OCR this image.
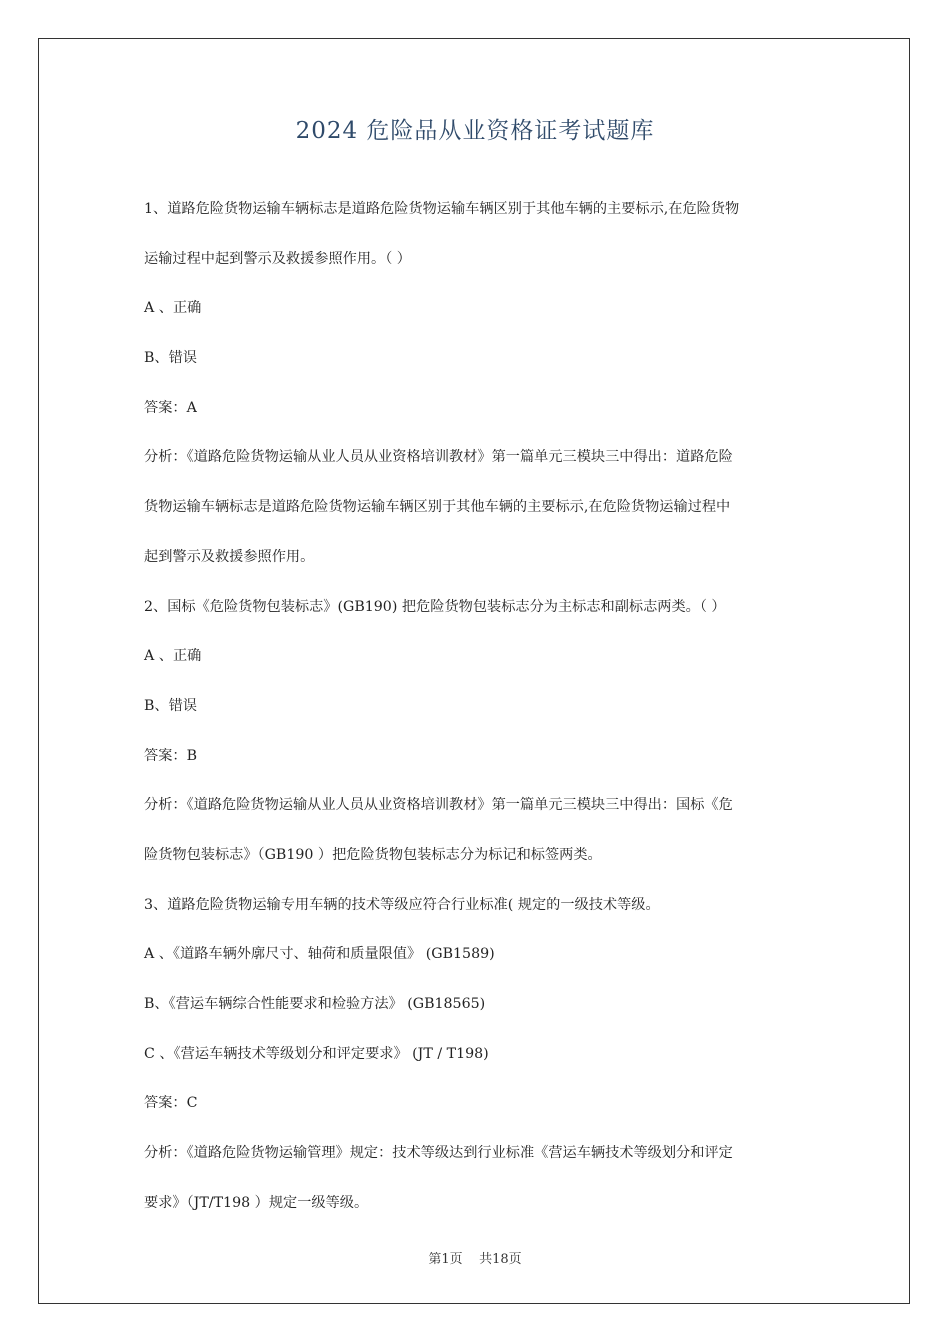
2024 危险品从业资格证考试题库
1、道路危险货物运输车辆标志是道路危险货物运输车辆区别于其他车辆的主要标示,在危险货物
运输过程中起到警示及救援参照作用。（ ）
A 、正确
B、错误
答案：A
分析：《道路危险货物运输从业人员从业资格培训教材》第一篇单元三模块三中得出：道路危险
货物运输车辆标志是道路危险货物运输车辆区别于其他车辆的主要标示,在危险货物运输过程中
起到警示及救援参照作用。
2、国标《危险货物包装标志》(GB190) 把危险货物包装标志分为主标志和副标志两类。（ ）
A 、正确
B、错误
答案：B
分析：《道路危险货物运输从业人员从业资格培训教材》第一篇单元三模块三中得出：国标《危
险货物包装标志》（GB190 ）把危险货物包装标志分为标记和标签两类。
3、道路危险货物运输专用车辆的技术等级应符合行业标准( 规定的一级技术等级。
A 、《道路车辆外廓尺寸、轴荷和质量限值》 (GB1589)
B、《营运车辆综合性能要求和检验方法》 (GB18565)
C 、《营运车辆技术等级划分和评定要求》 (JT / T198)
答案：C
分析：《道路危险货物运输管理》规定：技术等级达到行业标准《营运车辆技术等级划分和评定
要求》（JT/T198 ）规定一级等级。
第1页    共18页
